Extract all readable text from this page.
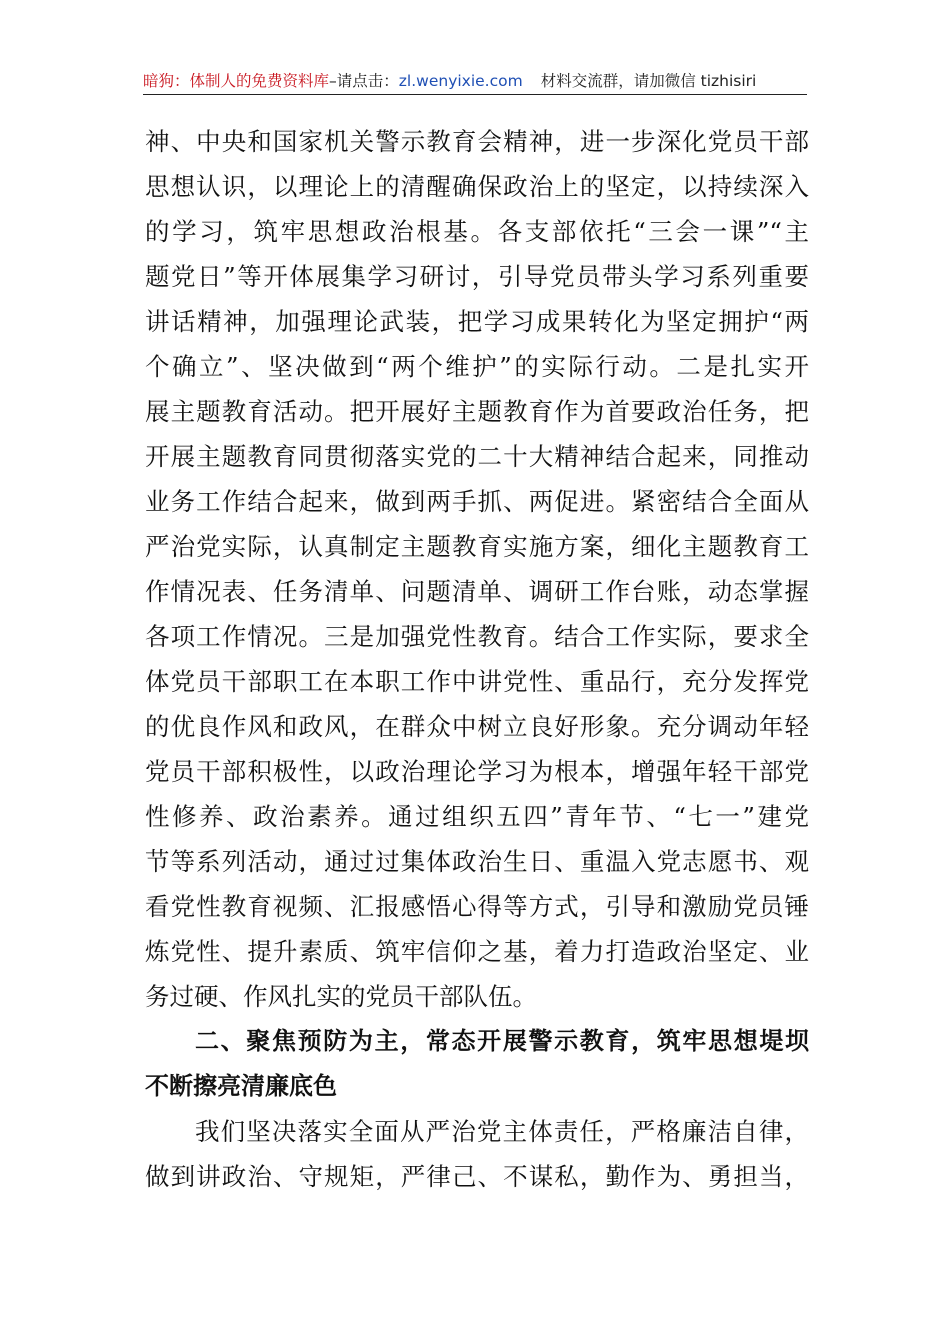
暗狗：体制人的免费资料库–请点击：zl.wenyixie.com 材料交流群，请加微信 tizhisiri
神、中央和国家机关警示教育会精神，进一步深化党员干部
思想认识，以理论上的清醒确保政治上的坚定，以持续深入
的学习，筑牢思想政治根基。各支部依托“三会一课”“主
题党日”等开体展集学习研讨，引导党员带头学习系列重要
讲话精神，加强理论武装，把学习成果转化为坚定拥护“两
个确立”、坚决做到“两个维护”的实际行动。二是扎实开
展主题教育活动。把开展好主题教育作为首要政治任务，把
开展主题教育同贯彻落实党的二十大精神结合起来，同推动
业务工作结合起来，做到两手抓、两促进。紧密结合全面从
严治党实际，认真制定主题教育实施方案，细化主题教育工
作情况表、任务清单、问题清单、调研工作台账，动态掌握
各项工作情况。三是加强党性教育。结合工作实际，要求全
体党员干部职工在本职工作中讲党性、重品行，充分发挥党
的优良作风和政风，在群众中树立良好形象。充分调动年轻
党员干部积极性，以政治理论学习为根本，增强年轻干部党
性修养、政治素养。通过组织五四”青年节、“七一”建党
节等系列活动，通过过集体政治生日、重温入党志愿书、观
看党性教育视频、汇报感悟心得等方式，引导和激励党员锤
炼党性、提升素质、筑牢信仰之基，着力打造政治坚定、业
务过硬、作风扎实的党员干部队伍。
二、聚焦预防为主，常态开展警示教育，筑牢思想堤坝
不断擦亮清廉底色
我们坚决落实全面从严治党主体责任，严格廉洁自律，
做到讲政治、守规矩，严律己、不谋私，勤作为、勇担当，
